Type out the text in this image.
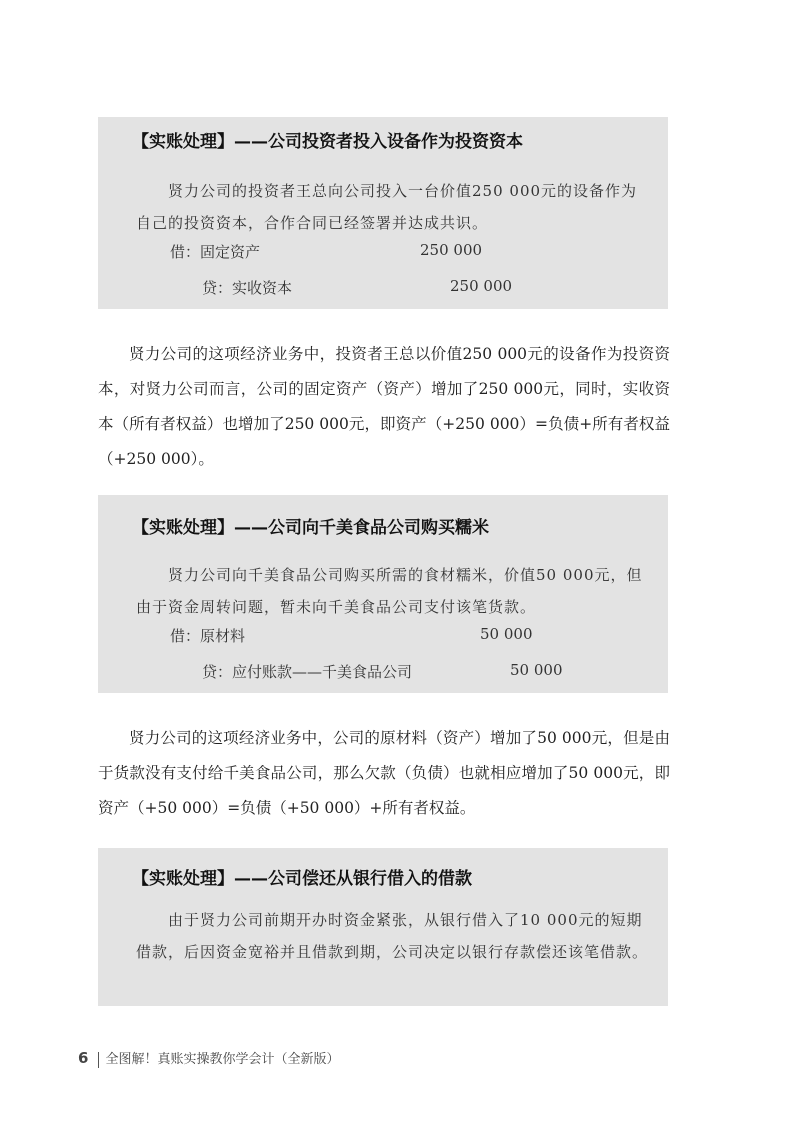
【实账处理】——公司投资者投入设备作为投资资本
贤力公司的投资者王总向公司投入一台价值250 000元的设备作为自己的投资资本，合作合同已经签署并达成共识。
借：固定资产	250 000
贷：实收资本	250 000
贤力公司的这项经济业务中，投资者王总以价值250 000元的设备作为投资资本，对贤力公司而言，公司的固定资产（资产）增加了250 000元，同时，实收资本（所有者权益）也增加了250 000元，即资产（+250 000）=负债+所有者权益（+250 000）。
【实账处理】——公司向千美食品公司购买糯米
贤力公司向千美食品公司购买所需的食材糯米，价值50 000元，但由于资金周转问题，暂未向千美食品公司支付该笔货款。
借：原材料	50 000
贷：应付账款——千美食品公司	50 000
贤力公司的这项经济业务中，公司的原材料（资产）增加了50 000元，但是由于货款没有支付给千美食品公司，那么欠款（负债）也就相应增加了50 000元，即资产（+50 000）=负债（+50 000）+所有者权益。
【实账处理】——公司偿还从银行借入的借款
由于贤力公司前期开办时资金紧张，从银行借入了10 000元的短期借款，后因资金宽裕并且借款到期，公司决定以银行存款偿还该笔借款。
6 全图解！真账实操教你学会计（全新版）
